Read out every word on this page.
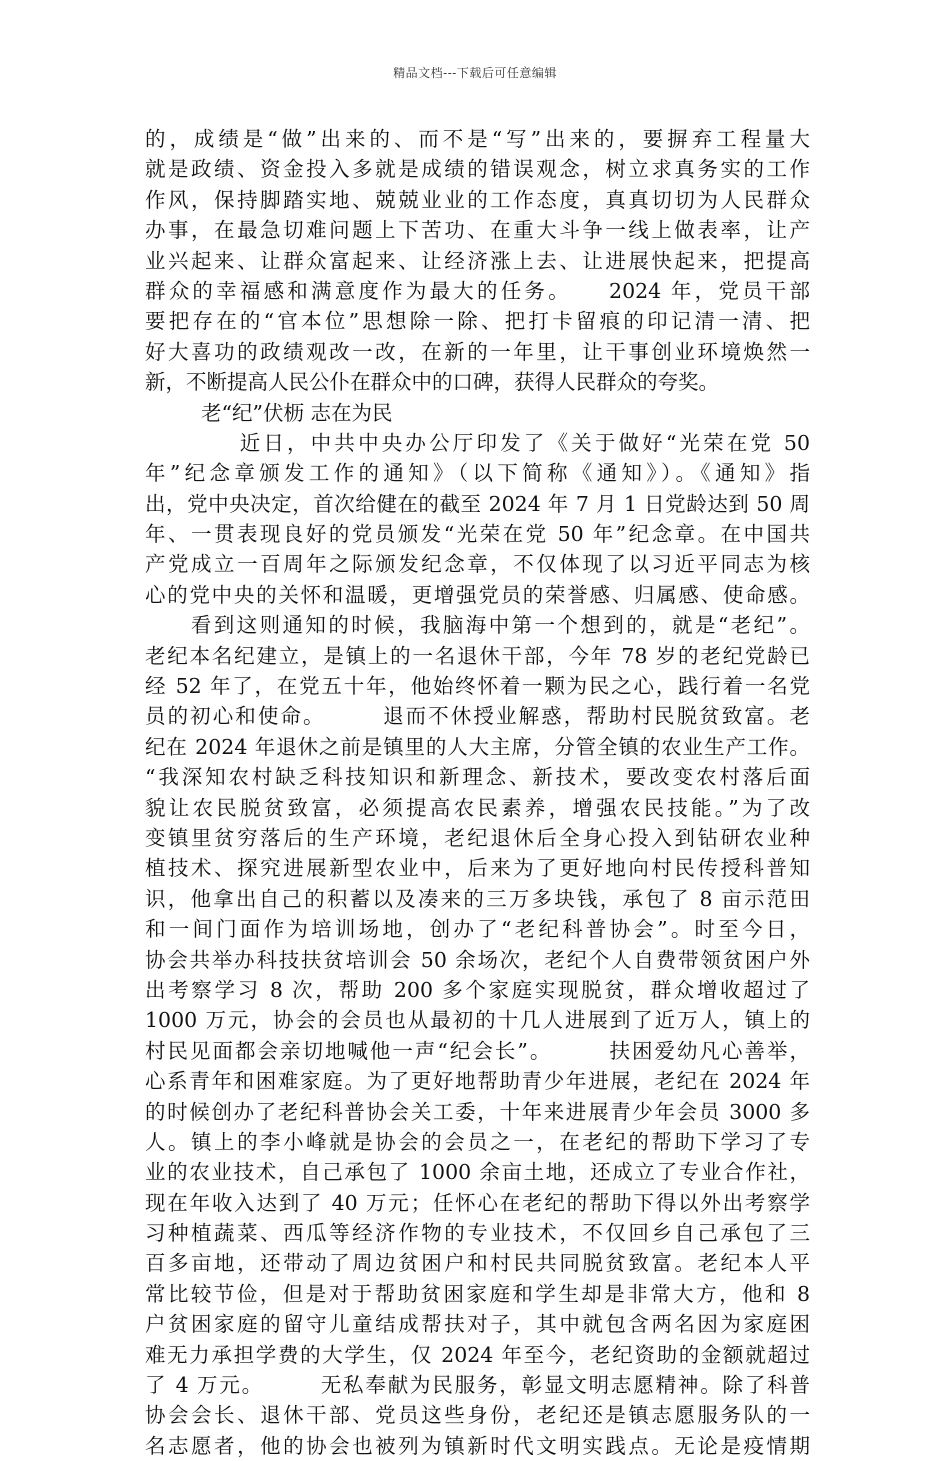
精品文档---下载后可任意编辑
的，成绩是“做”出来的、而不是“写”出来的，要摒弃工程量大
就是政绩、资金投入多就是成绩的错误观念，树立求真务实的工作
作风，保持脚踏实地、兢兢业业的工作态度，真真切切为人民群众
办事，在最急切难问题上下苦功、在重大斗争一线上做表率，让产
业兴起来、让群众富起来、让经济涨上去、让进展快起来，把提高
群众的幸福感和满意度作为最大的任务。　　2024 年，党员干部
要把存在的“官本位”思想除一除、把打卡留痕的印记清一清、把
好大喜功的政绩观改一改，在新的一年里，让干事创业环境焕然一
新，不断提高人民公仆在群众中的口碑，获得人民群众的夸奖。
老“纪”伏枥 志在为民
　　　　近日，中共中央办公厅印发了《关于做好“光荣在党 50
年”纪念章颁发工作的通知》（以下简称《通知》）。《通知》指
出，党中央决定，首次给健在的截至 2024 年 7 月 1 日党龄达到 50 周
年、一贯表现良好的党员颁发“光荣在党 50 年”纪念章。在中国共
产党成立一百周年之际颁发纪念章，不仅体现了以习近平同志为核
心的党中央的关怀和温暖，更增强党员的荣誉感、归属感、使命感。
　　看到这则通知的时候，我脑海中第一个想到的，就是“老纪”。
老纪本名纪建立，是镇上的一名退休干部，今年 78 岁的老纪党龄已
经 52 年了，在党五十年，他始终怀着一颗为民之心，践行着一名党
员的初心和使命。　　　退而不休授业解惑，帮助村民脱贫致富。老
纪在 2024 年退休之前是镇里的人大主席，分管全镇的农业生产工作。
“我深知农村缺乏科技知识和新理念、新技术，要改变农村落后面
貌让农民脱贫致富，必须提高农民素养，增强农民技能。”为了改
变镇里贫穷落后的生产环境，老纪退休后全身心投入到钻研农业种
植技术、探究进展新型农业中，后来为了更好地向村民传授科普知
识，他拿出自己的积蓄以及凑来的三万多块钱，承包了 8 亩示范田
和一间门面作为培训场地，创办了“老纪科普协会”。时至今日，
协会共举办科技扶贫培训会 50 余场次，老纪个人自费带领贫困户外
出考察学习 8 次，帮助 200 多个家庭实现脱贫，群众增收超过了
1000 万元，协会的会员也从最初的十几人进展到了近万人，镇上的
村民见面都会亲切地喊他一声“纪会长”。　　　扶困爱幼凡心善举，
心系青年和困难家庭。为了更好地帮助青少年进展，老纪在 2024 年
的时候创办了老纪科普协会关工委，十年来进展青少年会员 3000 多
人。镇上的李小峰就是协会的会员之一，在老纪的帮助下学习了专
业的农业技术，自己承包了 1000 余亩土地，还成立了专业合作社，
现在年收入达到了 40 万元；任怀心在老纪的帮助下得以外出考察学
习种植蔬菜、西瓜等经济作物的专业技术，不仅回乡自己承包了三
百多亩地，还带动了周边贫困户和村民共同脱贫致富。老纪本人平
常比较节俭，但是对于帮助贫困家庭和学生却是非常大方，他和 8
户贫困家庭的留守儿童结成帮扶对子，其中就包含两名因为家庭困
难无力承担学费的大学生，仅 2024 年至今，老纪资助的金额就超过
了 4 万元。　　　无私奉献为民服务，彰显文明志愿精神。除了科普
协会会长、退休干部、党员这些身份，老纪还是镇志愿服务队的一
名志愿者，他的协会也被列为镇新时代文明实践点。无论是疫情期
